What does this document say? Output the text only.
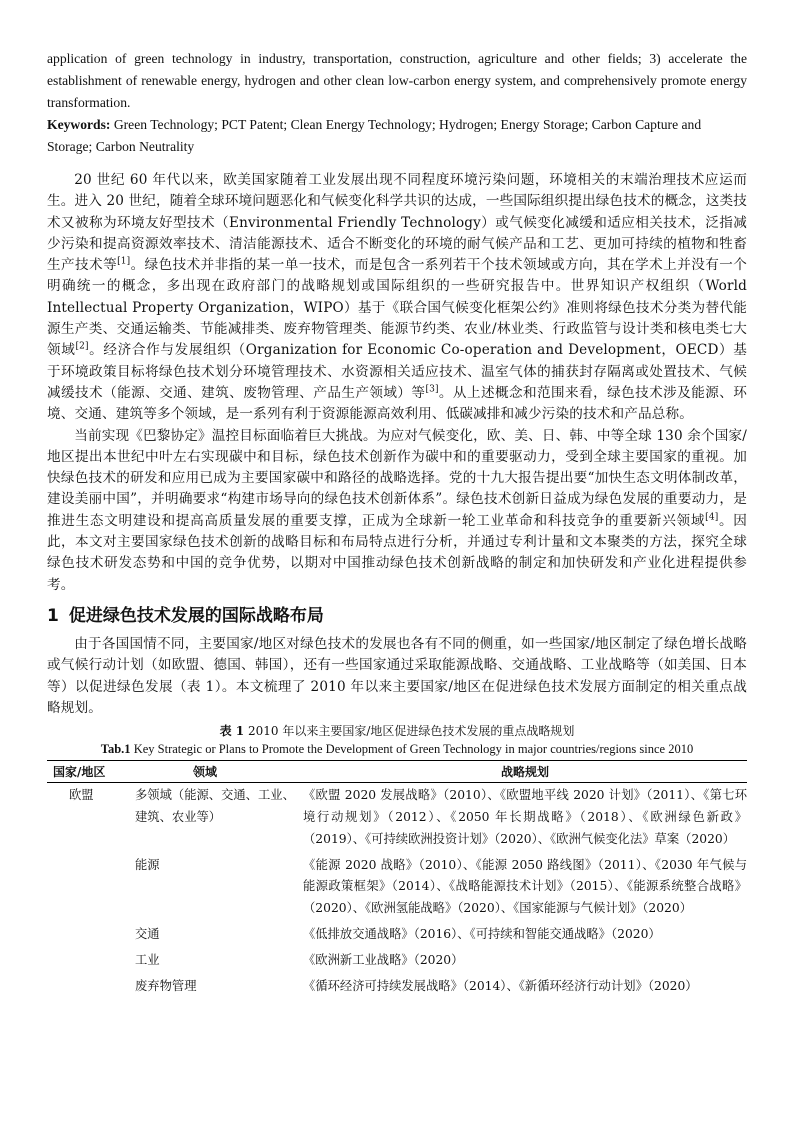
application of green technology in industry, transportation, construction, agriculture and other fields; 3) accelerate the establishment of renewable energy, hydrogen and other clean low-carbon energy system, and comprehensively promote energy transformation.
Keywords: Green Technology; PCT Patent; Clean Energy Technology; Hydrogen; Energy Storage; Carbon Capture and Storage; Carbon Neutrality

20 世纪 60 年代以来，欧美国家随着工业发展出现不同程度环境污染问题，环境相关的末端治理技术应运而生。进入 20 世纪，随着全球环境问题恶化和气候变化科学共识的达成，一些国际组织提出绿色技术的概念，这类技术又被称为环境友好型技术（Environmental Friendly Technology）或气候变化减缓和适应相关技术，泛指减少污染和提高资源效率技术、清洁能源技术、适合不断变化的环境的耐气候产品和工艺、更加可持续的植物和牲畜生产技术等[1]。绿色技术并非指的某一单一技术，而是包含一系列若干个技术领域或方向，其在学术上并没有一个明确统一的概念，多出现在政府部门的战略规划或国际组织的一些研究报告中。世界知识产权组织（World Intellectual Property Organization，WIPO）基于《联合国气候变化框架公约》准则将绿色技术分类为替代能源生产类、交通运输类、节能减排类、废弃物管理类、能源节约类、农业/林业类、行政监管与设计类和核电类七大领域[2]。经济合作与发展组织（Organization for Economic Co-operation and Development，OECD）基于环境政策目标将绿色技术划分环境管理技术、水资源相关适应技术、温室气体的捕获封存隔离或处置技术、气候减缓技术（能源、交通、建筑、废物管理、产品生产领域）等[3]。从上述概念和范围来看，绿色技术涉及能源、环境、交通、建筑等多个领域，是一系列有利于资源能源高效利用、低碳减排和减少污染的技术和产品总称。

当前实现《巴黎协定》温控目标面临着巨大挑战。为应对气候变化，欧、美、日、韩、中等全球 130 余个国家/地区提出本世纪中叶左右实现碳中和目标，绿色技术创新作为碳中和的重要驱动力，受到全球主要国家的重视。加快绿色技术的研发和应用已成为主要国家碳中和路径的战略选择。党的十九大报告提出要“加快生态文明体制改革，建设美丽中国”，并明确要求“构建市场导向的绿色技术创新体系”。绿色技术创新日益成为绿色发展的重要动力，是推进生态文明建设和提高高质量发展的重要支撑，正成为全球新一轮工业革命和科技竞争的重要新兴领域[4]。因此，本文对主要国家绿色技术创新的战略目标和布局特点进行分析，并通过专利计量和文本聚类的方法，探究全球绿色技术研发态势和中国的竞争优势，以期对中国推动绿色技术创新战略的制定和加快研发和产业化进程提供参考。

1 促进绿色技术发展的国际战略布局

由于各国国情不同，主要国家/地区对绿色技术的发展也各有不同的侧重，如一些国家/地区制定了绿色增长战略或气候行动计划（如欧盟、德国、韩国），还有一些国家通过采取能源战略、交通战略、工业战略等（如美国、日本等）以促进绿色发展（表 1）。本文梳理了 2010 年以来主要国家/地区在促进绿色技术发展方面制定的相关重点战略规划。

表 1 2010 年以来主要国家/地区促进绿色技术发展的重点战略规划
Tab.1 Key Strategic or Plans to Promote the Development of Green Technology in major countries/regions since 2010
国家/地区	领域	战略规划
欧盟	多领域（能源、交通、工业、建筑、农业等）	《欧盟 2020 发展战略》（2010）、《欧盟地平线 2020 计划》（2011）、《第七环境行动规划》（2012）、《2050 年长期战略》（2018）、《欧洲绿色新政》（2019）、《可持续欧洲投资计划》（2020）、《欧洲气候变化法》草案（2020）
	能源	《能源 2020 战略》（2010）、《能源 2050 路线图》（2011）、《2030 年气候与能源政策框架》（2014）、《战略能源技术计划》（2015）、《能源系统整合战略》（2020）、《欧洲氢能战略》（2020）、《国家能源与气候计划》（2020）
	交通	《低排放交通战略》（2016）、《可持续和智能交通战略》（2020）
	工业	《欧洲新工业战略》（2020）
	废弃物管理	《循环经济可持续发展战略》（2014）、《新循环经济行动计划》（2020）
